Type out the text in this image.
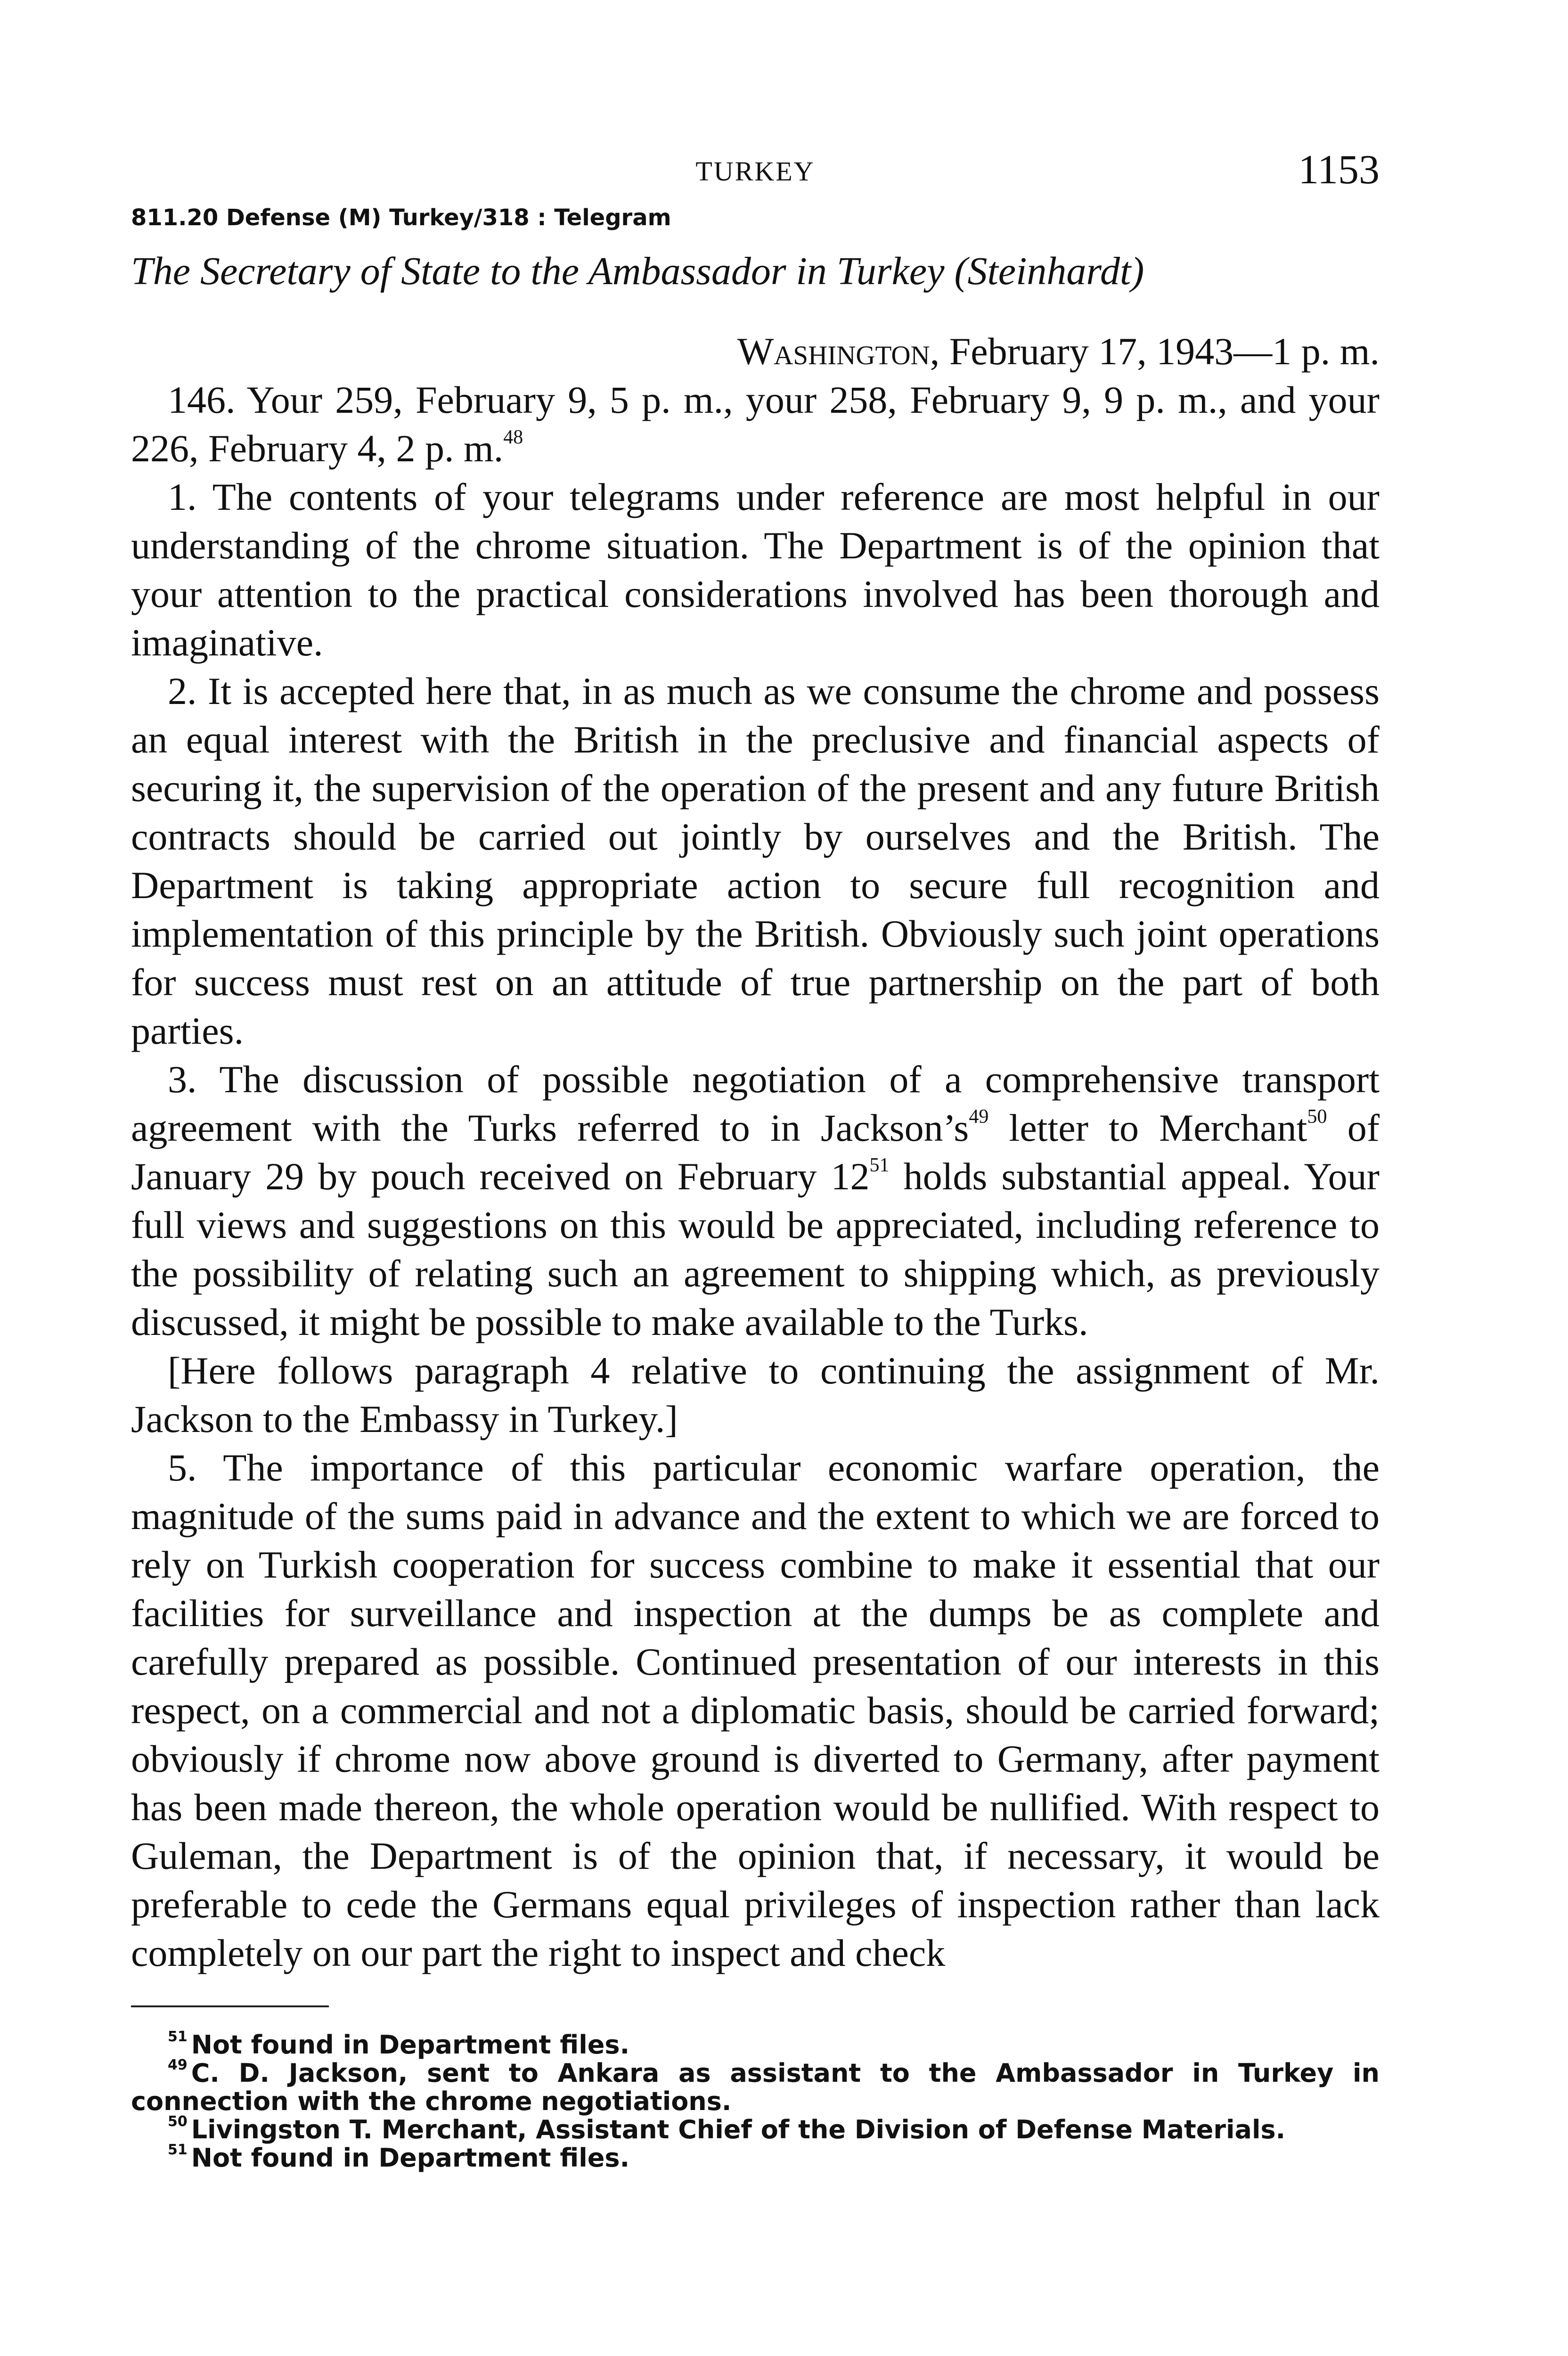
TURKEY	1153
811.20 Defense (M) Turkey/318 : Telegram
The Secretary of State to the Ambassador in Turkey (Steinhardt)
Washington, February 17, 1943—1 p. m.

146. Your 259, February 9, 5 p. m., your 258, February 9, 9 p. m., and your 226, February 4, 2 p. m.$^{48}$

1. The contents of your telegrams under reference are most helpful in our understanding of the chrome situation. The Department is of the opinion that your attention to the practical considerations involved has been thorough and imaginative.

2. It is accepted here that, in as much as we consume the chrome and possess an equal interest with the British in the preclusive and financial aspects of securing it, the supervision of the operation of the present and any future British contracts should be carried out jointly by ourselves and the British. The Department is taking appropriate action to secure full recognition and implementation of this principle by the British. Obviously such joint operations for success must rest on an attitude of true partnership on the part of both parties.

3. The discussion of possible negotiation of a comprehensive transport agreement with the Turks referred to in $Jackson’s^{49}$ letter to Merchant$^{50}$ of January 29 by pouch received on February $12^{51}$ holds substantial appeal. Your full views and suggestions on this would be appreciated, including reference to the possibility of relating such an agreement to shipping which, as previously discussed, it might be possible to make available to the Turks.

[Here follows paragraph 4 relative to continuing the assignment of Mr. Jackson to the Embassy in Turkey.]

5. The importance of this particular economic warfare operation, the magnitude of the sums paid in advance and the extent to which we are forced to rely on Turkish cooperation for success combine to make it essential that our facilities for surveillance and inspection at the dumps be as complete and carefully prepared as possible. Continued presentation of our interests in this respect, on a commercial and not a diplomatic basis, should be carried forward; obviously if chrome now above ground is diverted to Germany, after payment has been made thereon, the whole operation would be nullified. With respect to Guleman, the Department is of the opinion that, if necessary, it would be preferable to cede the Germans equal privileges of inspection rather than lack completely on our part the right to inspect and check

$^{51}$ Not found in Department files.

$^{49}$ C. D. Jackson, sent to Ankara as assistant to the Ambassador in Turkey in connection with the chrome negotiations.

$^{50}$ Livingston T. Merchant, Assistant Chief of the Division of Defense Materials.

$^{51}$ Not found in Department files.
